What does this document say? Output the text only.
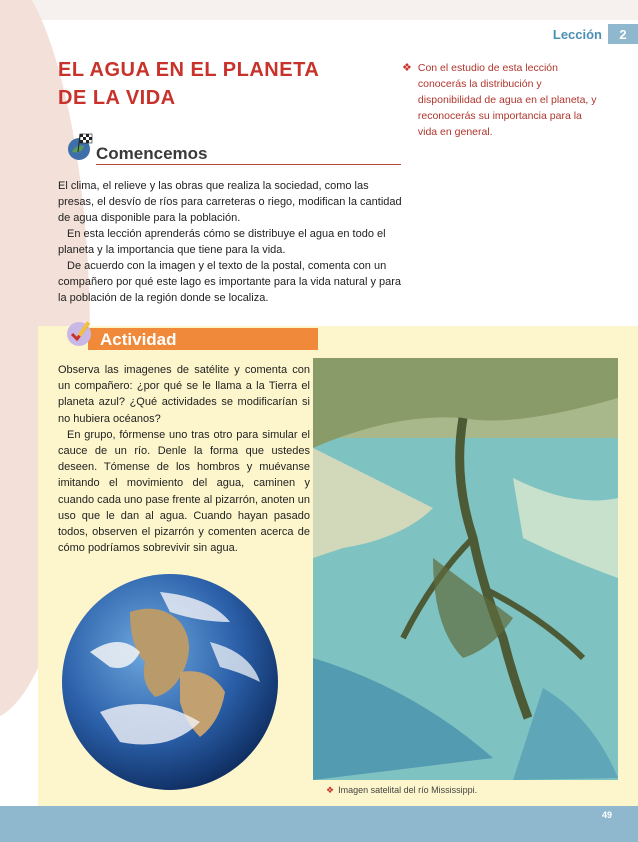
Lección	2
EL AGUA EN EL PLANETA
DE LA VIDA
❖ Con el estudio de esta lección conocerás la distribución y disponibilidad de agua en el planeta, y reconocerás su importancia para la vida en general.
Comencemos

El clima, el relieve y las obras que realiza la sociedad, como las presas, el desvío de ríos para carreteras o riego, modifican la cantidad de agua disponible para la población.

En esta lección aprenderás cómo se distribuye el agua en todo el planeta y la importancia que tiene para la vida.

De acuerdo con la imagen y el texto de la postal, comenta con un compañero por qué este lago es importante para la vida natural y para la población de la región donde se localiza.

Actividad

Observa las imagenes de satélite y comenta con un compañero: ¿por qué se le llama a la Tierra el planeta azul? ¿Qué actividades se modificarían si no hubiera océanos?

En grupo, fórmense uno tras otro para simular el cauce de un río. Denle la forma que ustedes deseen. Tómense de los hombros y muévanse imitando el movimiento del agua, caminen y cuando cada uno pase frente al pizarrón, anoten un uso que le dan al agua. Cuando hayan pasado todos, observen el pizarrón y comenten acerca de cómo podríamos sobrevivir sin agua.

❖ Imagen satelital del río Mississippi.
49
